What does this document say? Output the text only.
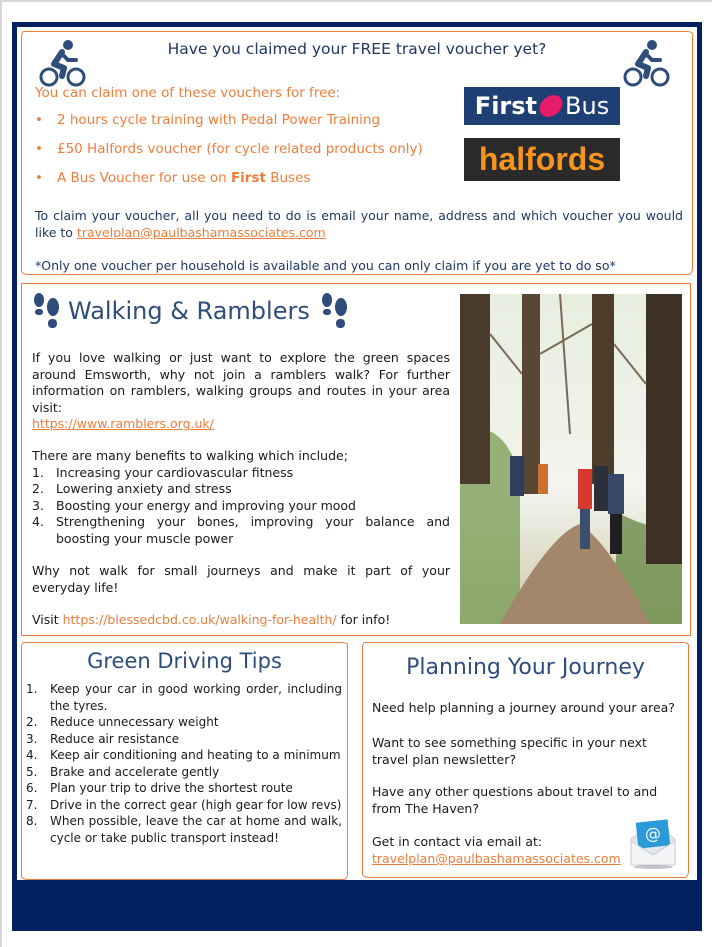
Have you claimed your FREE travel voucher yet?
You can claim one of these vouchers for free:
•	2 hours cycle training with Pedal Power Training
•	£50 Halfords voucher (for cycle related products only)
•	A Bus Voucher for use on First Buses
First Bus
halfords
To claim your voucher, all you need to do is email your name, address and which voucher you would like to travelplan@paulbashamassociates.com
*Only one voucher per household is available and you can only claim if you are yet to do so*
Walking & Ramblers
If you love walking or just want to explore the green spaces around Emsworth, why not join a ramblers walk? For further information on ramblers, walking groups and routes in your area visit:
https://www.ramblers.org.uk/
There are many benefits to walking which include;
1. Increasing your cardiovascular fitness
2. Lowering anxiety and stress
3. Boosting your energy and improving your mood
4. Strengthening your bones, improving your balance and boosting your muscle power
Why not walk for small journeys and make it part of your everyday life!
Visit https://blessedcbd.co.uk/walking-for-health/ for info!
Green Driving Tips
1.	Keep your car in good working order, including the tyres.
2.	Reduce unnecessary weight
3.	Reduce air resistance
4.	Keep air conditioning and heating to a minimum
5.	Brake and accelerate gently
6.	Plan your trip to drive the shortest route
7.	Drive in the correct gear (high gear for low revs)
8.	When possible, leave the car at home and walk, cycle or take public transport instead!
Planning Your Journey
Need help planning a journey around your area?
Want to see something specific in your next travel plan newsletter?
Have any other questions about travel to and from The Haven?
Get in contact via email at:
travelplan@paulbashamassociates.com
@
